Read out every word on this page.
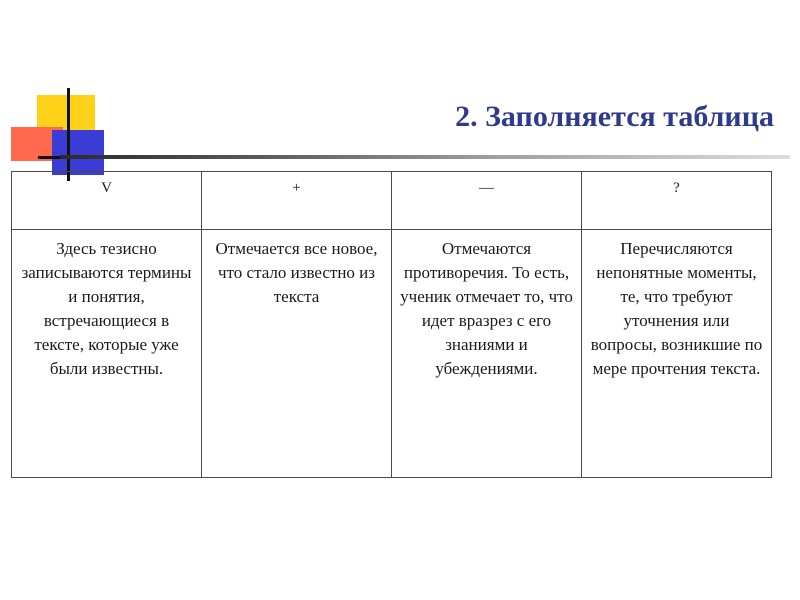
2. Заполняется таблица
V	+	—	?
Здесь тезисно записываются термины и понятия, встречающиеся в тексте, которые уже были известны.	Отмечается все новое, что стало известно из текста	Отмечаются противоречия. То есть, ученик отмечает то, что идет вразрез с его знаниями и убеждениями.	Перечисляются непонятные моменты, те, что требуют уточнения или вопросы, возникшие по мере прочтения текста.
